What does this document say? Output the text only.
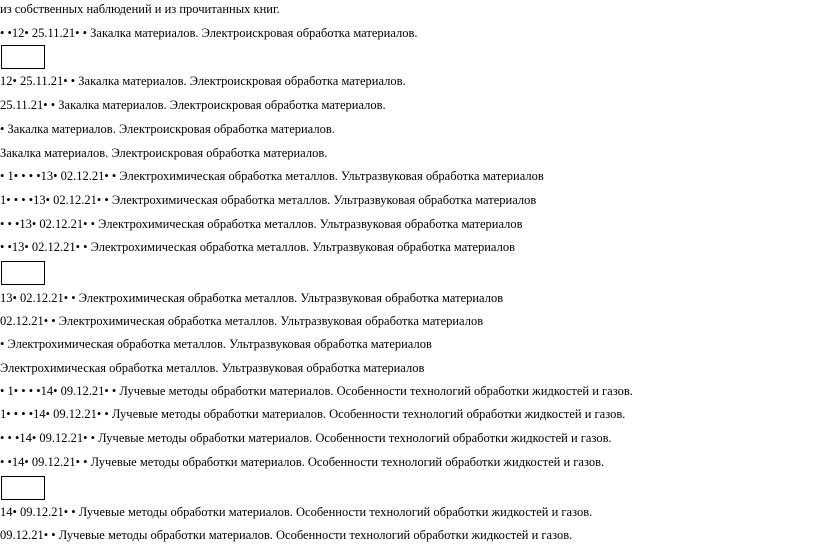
из собственных наблюдений и из прочитанных книг.
• •12• 25.11.21• • Закалка материалов. Электроискровая обработка материалов.
12• 25.11.21• • Закалка материалов. Электроискровая обработка материалов.
25.11.21• • Закалка материалов. Электроискровая обработка материалов.
• Закалка материалов. Электроискровая обработка материалов.
Закалка материалов. Электроискровая обработка материалов.
• 1• • • •13• 02.12.21• • Электрохимическая обработка металлов. Ультразвуковая обработка материалов
1• • • •13• 02.12.21• • Электрохимическая обработка металлов. Ультразвуковая обработка материалов
• • •13• 02.12.21• • Электрохимическая обработка металлов. Ультразвуковая обработка материалов
• •13• 02.12.21• • Электрохимическая обработка металлов. Ультразвуковая обработка материалов
13• 02.12.21• • Электрохимическая обработка металлов. Ультразвуковая обработка материалов
02.12.21• • Электрохимическая обработка металлов. Ультразвуковая обработка материалов
• Электрохимическая обработка металлов. Ультразвуковая обработка материалов
Электрохимическая обработка металлов. Ультразвуковая обработка материалов
• 1• • • •14• 09.12.21• • Лучевые методы обработки материалов. Особенности технологий обработки жидкостей и газов.
1• • • •14• 09.12.21• • Лучевые методы обработки материалов. Особенности технологий обработки жидкостей и газов.
• • •14• 09.12.21• • Лучевые методы обработки материалов. Особенности технологий обработки жидкостей и газов.
• •14• 09.12.21• • Лучевые методы обработки материалов. Особенности технологий обработки жидкостей и газов.
14• 09.12.21• • Лучевые методы обработки материалов. Особенности технологий обработки жидкостей и газов.
09.12.21• • Лучевые методы обработки материалов. Особенности технологий обработки жидкостей и газов.
